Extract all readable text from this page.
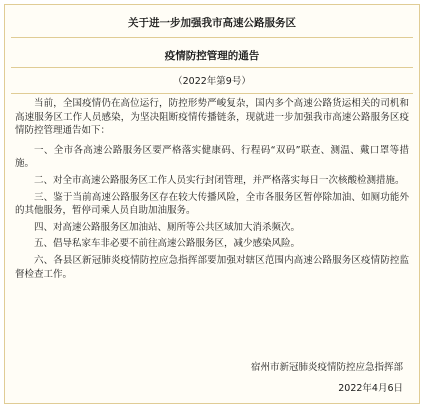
关于进一步加强我市高速公路服务区
疫情防控管理的通告
（2022年第9号）

当前，全国疫情仍在高位运行，防控形势严峻复杂，国内多个高速公路货运相关的司机和高速服务区工作人员感染，为坚决阻断疫情传播链条，现就进一步加强我市高速公路服务区疫情防控管理通告如下：

一、全市各高速公路服务区要严格落实健康码、行程码“双码”联查、测温、戴口罩等措施。

二、对全市高速公路服务区工作人员实行封闭管理，并严格落实每日一次核酸检测措施。

三、鉴于当前高速公路服务区存在较大传播风险，全市各服务区暂停除加油、如厕功能外的其他服务，暂停司乘人员自助加油服务。

四、对高速公路服务区加油站、厕所等公共区域加大消杀频次。

五、倡导私家车非必要不前往高速公路服务区，减少感染风险。

六、各县区新冠肺炎疫情防控应急指挥部要加强对辖区范围内高速公路服务区疫情防控监督检查工作。

宿州市新冠肺炎疫情防控应急指挥部
2022年4月6日
